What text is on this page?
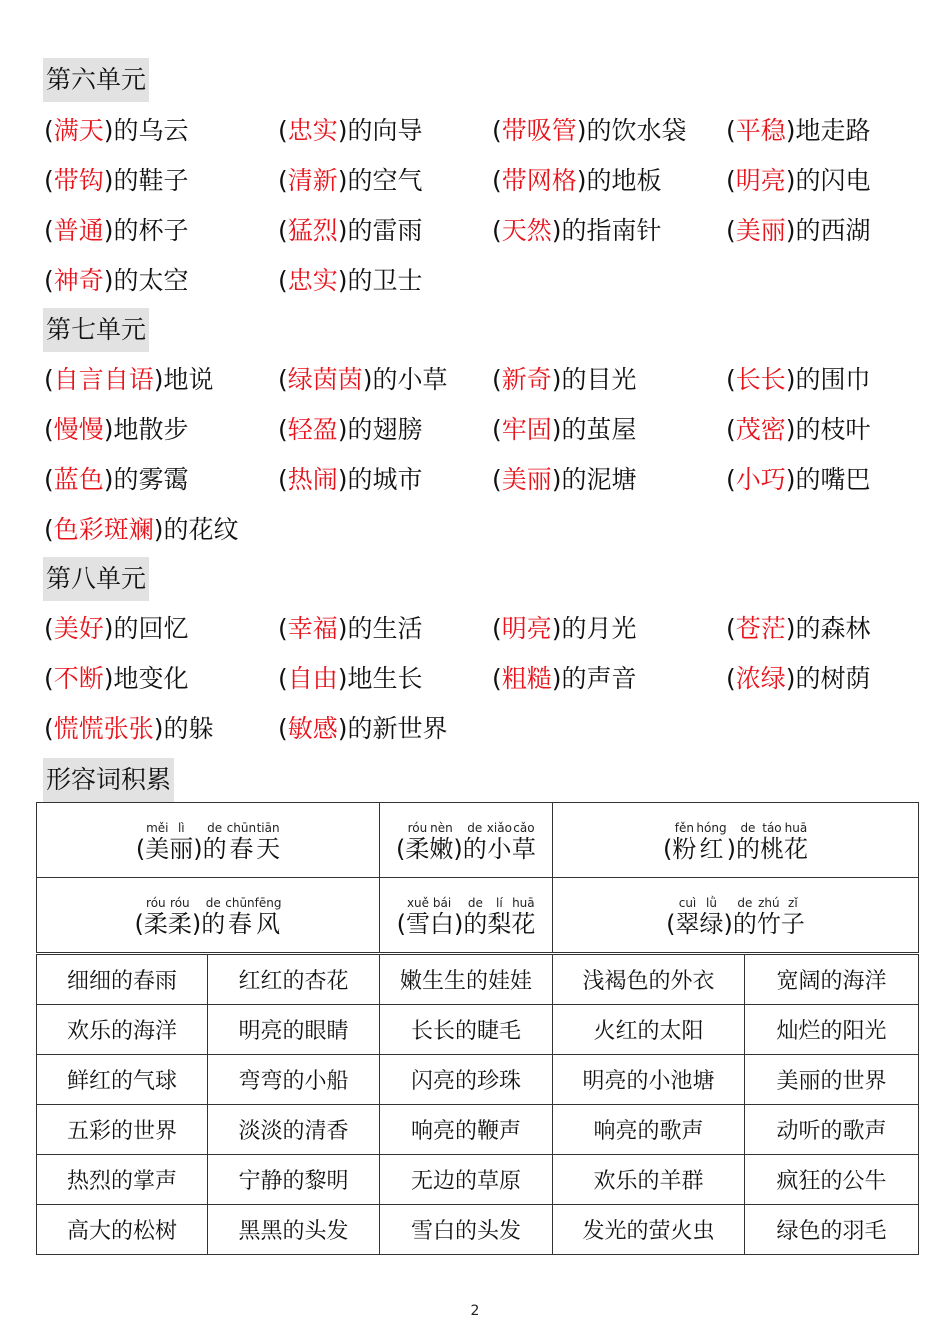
第六单元
(满天)的乌云	(忠实)的向导	(带吸管)的饮水袋 (平稳)地走路
(带钩)的鞋子	(清新)的空气	(带网格)的地板	(明亮)的闪电
(普通)的杯子	(猛烈)的雷雨	(天然)的指南针	(美丽)的西湖
(神奇)的太空	(忠实)的卫士
第七单元
(自言自语)地说	(绿茵茵)的小草 (新奇)的目光	(长长)的围巾
(慢慢)地散步	(轻盈)的翅膀	(牢固)的茧屋	(茂密)的枝叶
(蓝色)的雾霭	(热闹)的城市	(美丽)的泥塘	(小巧)的嘴巴
(色彩斑斓)的花纹
第八单元
(美好)的回忆	(幸福)的生活	(明亮)的月光	(苍茫)的森林
(不断)地变化	(自由)地生长	(粗糙)的声音	(浓绿)的树荫
(慌慌张张)的躲	(敏感)的新世界
形容词积累
(美měi丽lì)的de春chūn天tiān	(柔róu嫩nèn)的de小xiǎo草cǎo	(粉fěn红hóng)的de桃táo花huā
(柔róu柔róu)的de春chūn风fēng	(雪xuě白bái)的de梨lí花huā	(翠cuì绿lǜ)的de竹zhú子zǐ
细细的春雨	红红的杏花	嫩生生的娃娃	浅褐色的外衣	宽阔的海洋
欢乐的海洋	明亮的眼睛	长长的睫毛	火红的太阳	灿烂的阳光
鲜红的气球	弯弯的小船	闪亮的珍珠	明亮的小池塘	美丽的世界
五彩的世界	淡淡的清香	响亮的鞭声	响亮的歌声	动听的歌声
热烈的掌声	宁静的黎明	无边的草原	欢乐的羊群	疯狂的公牛
高大的松树	黑黑的头发	雪白的头发	发光的萤火虫	绿色的羽毛
2
